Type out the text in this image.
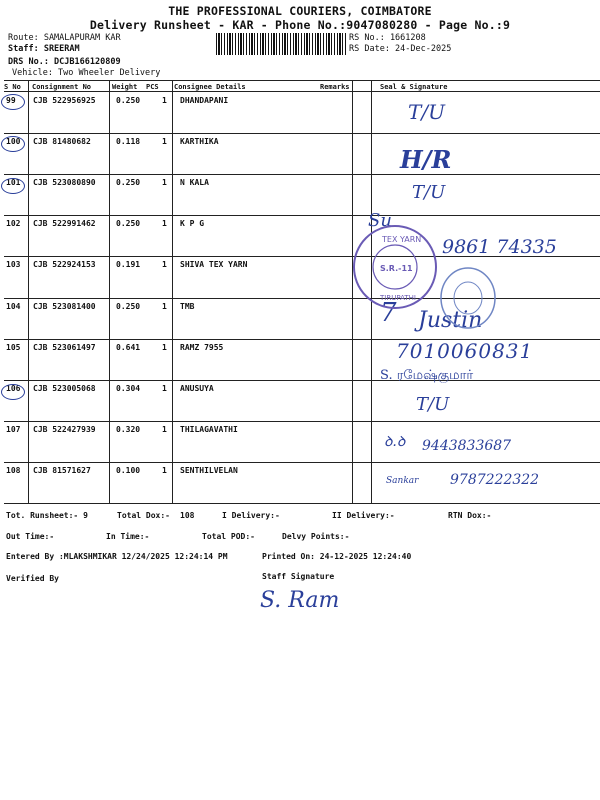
THE PROFESSIONAL COURIERS, COIMBATORE
Delivery Runsheet - KAR - Phone No.:9047080280 - Page No.:9
Route: SAMALAPURAM KAR
Staff: SREERAM
DRS No.: DCJB166120809
Vehicle: Two Wheeler Delivery
RS No.: 1661208
RS Date: 24-Dec-2025
S No Consignment No	Weight PCS Consignee Details	Remarks	Seal & Signature
99 CJB 522956925	0.250	1 DHANDAPANI
100 CJB 81480682	0.118	1 KARTHIKA
101 CJB 523080890	0.250	1 N KALA
102 CJB 522991462	0.250	1 K P G
103 CJB 522924153	0.191	1 SHIVA TEX YARN
104 CJB 523081400	0.250	1 TMB
105 CJB 523061497	0.641	1 RAMZ 7955
106 CJB 523005068	0.304	1 ANUSUYA
107 CJB 522427939	0.320	1 THILAGAVATHI
108 CJB 81571627	0.100	1 SENTHILVELAN
T/U
H/R
T/U
Su
9861 74335
7 Justin
7010060831
S. ரமேஷ்குமார்
T/U
9443833687
ꝺ.ꝺ
Sankar 9787222322
TEX YARN
TIRUPATHI
S.R.-11
Tot. Runsheet:- 9	Total Dox:- 108	I Delivery:-	II Delivery:-	RTN Dox:-
Out Time:-	In Time:-	Total POD:-	Delvy Points:-
Entered By :MLAKSHMIKAR 12/24/2025 12:24:14 PM	Printed On: 24-12-2025 12:24:40
Verified By	Staff Signature
S. Ram
